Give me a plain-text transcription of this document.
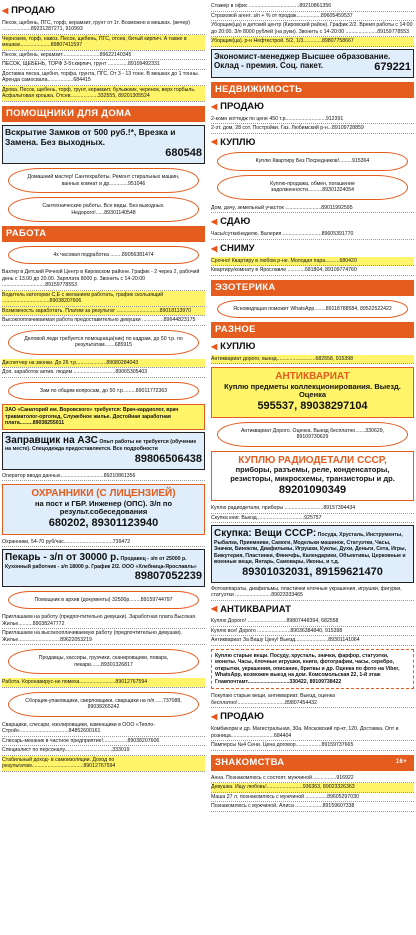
◀ ПРОДАЮ
Песок, щебень, ПГС, торф, керамзит, грунт от 1т. Возможно в мешках. (вечер) ....................89231287271, 910993
Чернозем, торф, навоз. Песок, щебень, ПГС, отсев, битый кирпич. А также в мешках.....................89807411597
Песок, щебень, керамзит..........................89622140345
ПЕСОК, ЩЕБЕНЬ, ТОРФ 3-5т.кирпич, грунт ..............89109492331
Доставка песка, щебня, торфа, грунта, ПГС. От 3 - 13 тонн. В мешках до 1 тонны. Аренда самосвала..................684415
Дрова. Песок, щебень, торф, грунт, керамзит, булыжник, черенок, верх горбыль. Асфальтовая крошка. Отсев...................332555, 89201305524
ПОМОЩНИКИ ДЛЯ ДОМА
Вскрытие Замков от 500 руб.!*, Врезка и Замена. Без выходных.
680548
Домашний мастер! Сантехработы. Ремонт стиральных машин, ванных комнат и др.............951046
Сантехнические работы. Все виды. Без выходных. Недорого!......89301140548
РАБОТА
4х часовая подработка ........89056381474
Вахтер в Детский Речной Центр в Кировском районе. График - 2 через 2, рабочий день с 13.00 до 20.00. Зарплата 8000 р. Звонить с 14-20:00 ..............................89159778553
Водитель категории С,Е с желанием работать, график скользящий .................................89038207606
Возможность заработать. Платим за результат ..............................89018113970
Высокооплачиваемая работа предоставительно девушки ...............89644823175
Деловой леди требуется помощница(ник) по кадрам, до 50 т.р. по результатам.......685915
Диспетчер на звонки. До 26 т.р.....................89080284043
Доп. заработок актив. людям .............................89065305403
Зам по общим вопросам, до 50 т.р.........89011772363
ЗАО «Санаторий им. Воровского» требуется: Врач-кардиолог, врач травматолог-ортопед, Служебное жилье. Достойная заработная плата.........89038255011
Заправщик на АЗС Опыт работы не требуется (обучение на месте). Спецодежда предоставляется. Все подробности
89806506438
Оператор ввода данных..............................89210861356
ОХРАННИКИ (С ЛИЦЕНЗИЕЙ)
на пост и ГБР. Инженер (ОПС). З/п по результ.собеседования
680202, 89301123940
Охранники, 54-70 руб/час..................................739472
Пекарь - з/п от 30000 р. Продавец - з/п от 25000 р. Кухонный работник - з/п 18000 р. График 2/2. ООО «Хлебница-Ярославль»
89807052239
Помощник в архив (документы) 32500р........89159744797
Приглашаем на работу (предпочтительно девушки). Заработная плата Высокая. Жилье..........89038247772
Приглашаем на высокооплачиваемую работу (предпочтительно девушки). Жилье.............................89622053219
Продавцы, кассиры, грузчики, сканировщики, повара, пекари.......89301326817
Работа. Коронавирус-не помеха.........................89012767594
Сборщик-упаковщики, сверловщики, сварщики на п/п......737088, 89038265242
Сварщики, слесари, изолировщики, каменщики в ООО «Тепло-Строй»..................................84852600161
Слесарь-механик в частное предприятие!.................89038207606
Специалист по персоналу.................................333019
Стабильный доход- в самоизоляции. Доход по результатам....................................89012767594
Стажер в офис ...................................89210861356
Страховой агент. з/п + % от продаж.................89605459537
Уборщик(ца) в детский центр (Кировский район). График 2/2. Время работы с 14:00 до 20:00. З/п 8000 рублей (на руки). Звонить с 14-20:00 ......................89159778553
Уборщик(ца). р-н Нефтестрой. 5/2, 1/3.............89807758667
Экономист-менеджер Высшее образование. Оклад - премия. Соц. пакет.	679221
НЕДВИЖИМОСТЬ
◀ ПРОДАЮ
2-комн коттедж по цене 450 т.р............................912391
2-эт. дом, 28 сот. Постройки. Газ. Любимский р-н...89109728859
◀ КУПЛЮ
Куплю Квартиру Без Посредников!.........915364
Куплю-продажа, обмен, погашение задолженности..........89301324054
Дом, дачу, земельный участок .........................89011992595
◀ СДАЮ
Часы/сутки/неделю. Валерия ...........................89605391770
◀ СНИМУ
Срочно! Квартиру в любом р-не. Молодая пара..........680420
Квартиру/комнату в Ярославле ............681804, 89109774760
ЭЗОТЕРИКА
Ясновидящая поможет WhatsApp........89118788584, 89522522422
РАЗНОЕ
◀ КУПЛЮ
Антиквариат дорого, выезд...........................682558, 915398
АНТИКВАРИАТ
Куплю предметы коллекционирования. Выезд. Оценка
595537, 89038297104
Антиквариат Дорого. Оценка. Выезд бесплатно.......330629, 89109730629
КУПЛЮ РАДИОДЕТАЛИ СССР,
приборы, разъемы, реле, конденсаторы, резисторы, микросхемы, транзисторы и др.
89201090349
Куплю радиодетали, приборы ...........................89157394434
Скупка книг. Выезд.................................925757
Скупка: Вещи СССР: Посуда, Хрусталь, Инструменты, Рыбалка, Приемники, Самоги, Модельки машинок, Статуэтки, Часы, Значки, Бинокли, Диафильмы, Игрушки, Куклы, Духи, Деньги, Сета, Игры, Бижутерия, Пластинки, Фянечфь, Календарики, Объективы, Церковные и военные вещи, Янтарь, Самовары, Иконы, и т.д.
89301032031, 89159621470
Фотоаппараты, диафильмы, пластинки елочные украшения, игрушки, фигурки, статуэтки .........................89023333465
◀ АНТИКВАРИАТ
Куплю Дорого! ...........................89807448394, 682558
Куплю все! Дорого .......................89036384840, 915398
Антиквариат За Вашу Цену! Выезд.......................89301141064
Куплю старые вещи. Посуду, хрусталь, значки, фарфор, статуэтки, монеты. Часы, ёлочные игрушки, книги, фотографии, часы, серебро, открытки, украшения, описание, бритвы и др. Оценка по фото на Viber, WhatsApp, возможен выезд на дом. Комсомольская 22, 1-й этаж Главпочтамт.............................330422, 89109738422
Покупаю старые вещи, антиквариат. Выезд, оценка бесплатно!.................................89807454432
◀ ПРОДАЮ
Комбикорм и др. Магистральная, 30а. Московский пр-кт, 120. Доставка. Опт и розница..............................684404
Памперсы №4 Сени. Цена договор..................89159737665
ЗНАКОМСТВА	16+
Анна. Познакомлюсь с состоят. мужчиной.................916922
Девушка. Ищу любовь!.........................936363, 89023326363
Маша 27 л. познакомлюсь с мужчиной ...............89605297030
Познакомлюсь с мужчиной. Алиса ...................89159607338
